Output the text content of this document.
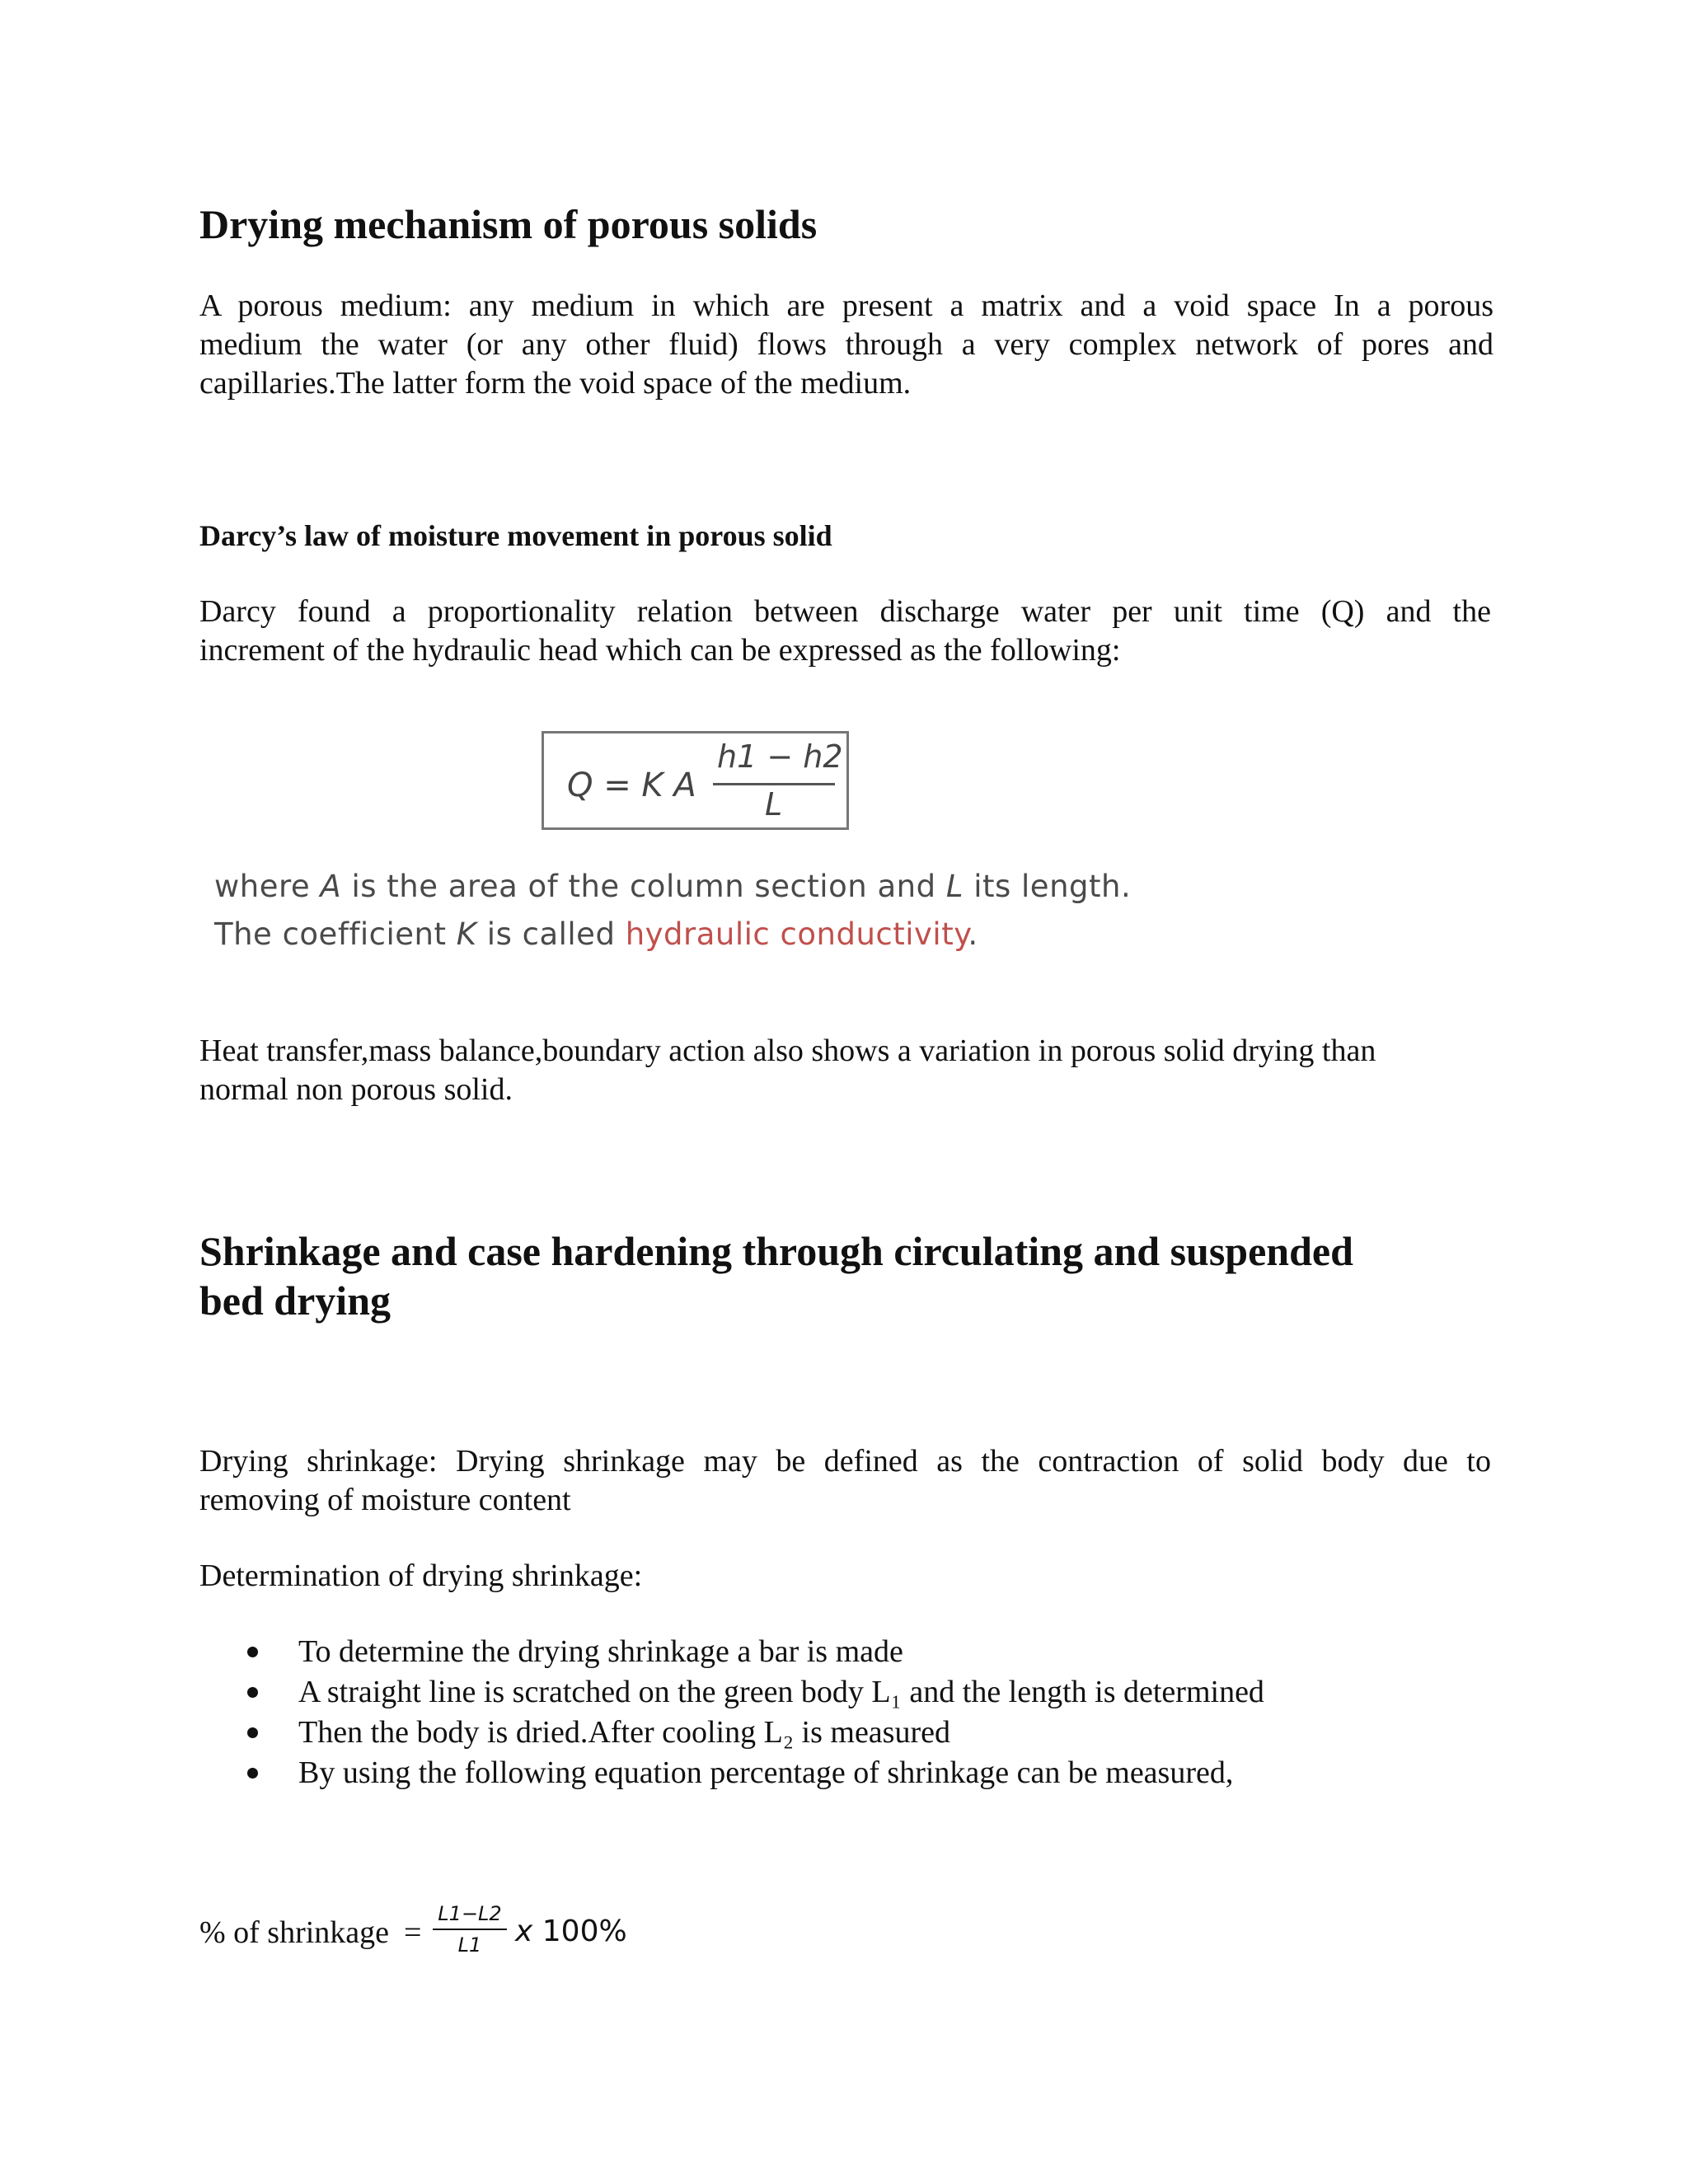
Drying mechanism of porous solids
A porous medium: any medium in which are present a matrix and a void space In a porous
medium the water (or any other fluid) flows through a very complex network of pores and
capillaries.The latter form the void space of the medium.
Darcy’s law of moisture movement in porous solid
Darcy found a proportionality relation between discharge water per unit time (Q) and the
increment of the hydraulic head which can be expressed as the following:
Q = K A
h1 − h2
L
where A is the area of the column section and L its length.
The coefficient K is called hydraulic conductivity.
Heat transfer,mass balance,boundary action also shows a variation in porous solid drying than
normal non porous solid.
Shrinkage and case hardening through circulating and suspended
bed drying
Drying shrinkage: Drying shrinkage may be defined as the contraction of solid body due to
removing of moisture content
Determination of drying shrinkage:
To determine the drying shrinkage a bar is made
A straight line is scratched on the green body L₁ and the length is determined
Then the body is dried.After cooling L₂ is measured
By using the following equation percentage of shrinkage can be measured,
% of shrinkage =
L1−L2
L1	x 100%
